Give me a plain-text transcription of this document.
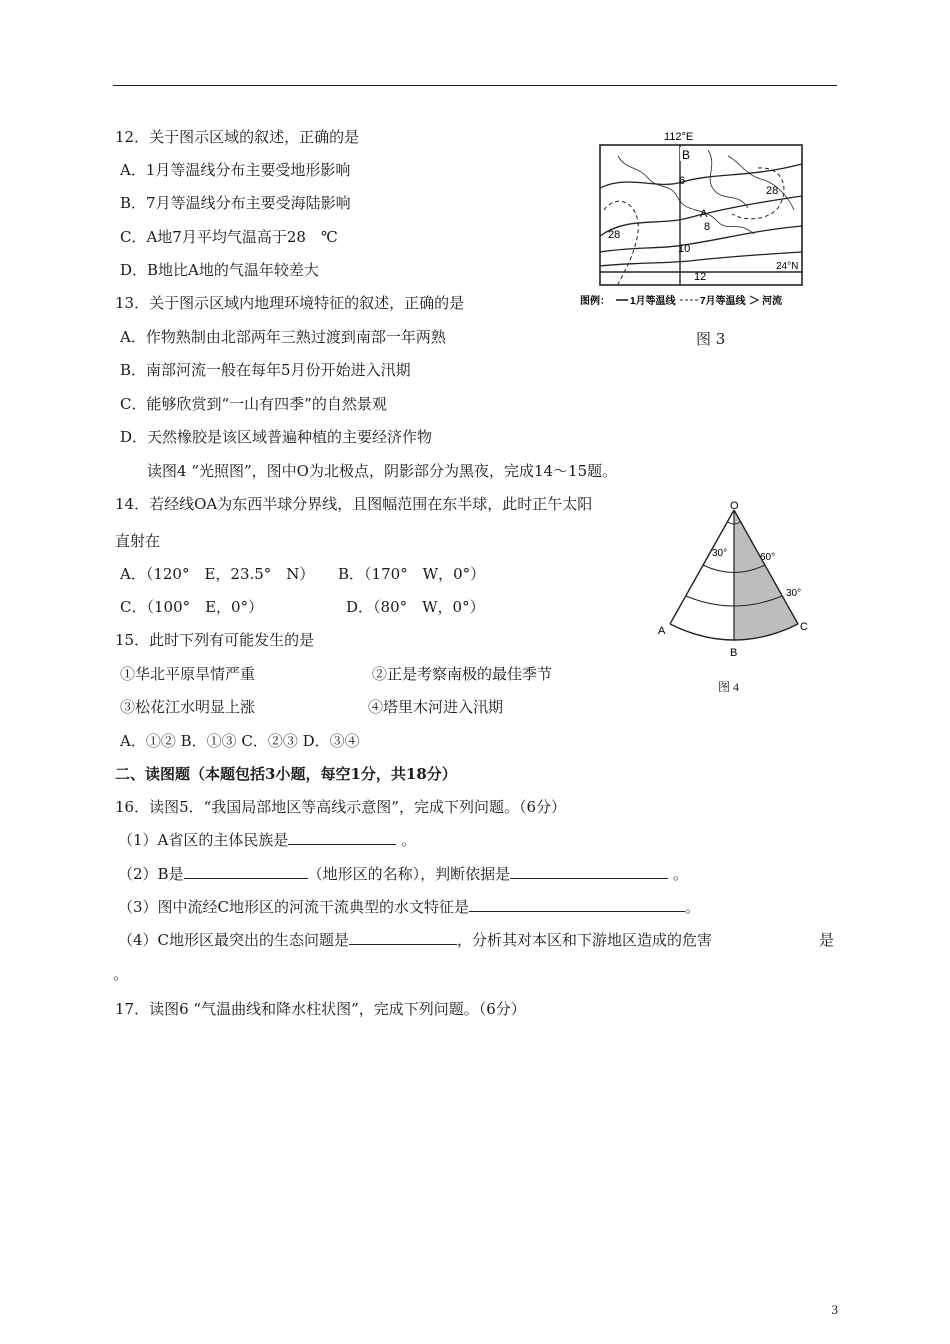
12．关于图示区域的叙述，正确的是
A．1月等温线分布主要受地形影响
B．7月等温线分布主要受海陆影响
C．A地7月平均气温高于28　℃
D．B地比A地的气温年较差大
13．关于图示区域内地理环境特征的叙述，正确的是
A．作物熟制由北部两年三熟过渡到南部一年两熟
B．南部河流一般在每年5月份开始进入汛期
C．能够欣赏到“一山有四季”的自然景观
D．天然橡胶是该区域普遍种植的主要经济作物
读图4 “光照图”，图中O为北极点，阴影部分为黑夜，完成14～15题。
14．若经线OA为东西半球分界线，且图幅范围在东半球，此时正午太阳
直射在
A．（120°　E，23.5°　N） B．（170°　W，0°）
C．（100°　E，0°）	D．（80°　W，0°）
15．此时下列有可能发生的是
①华北平原旱情严重	②正是考察南极的最佳季节
③松花江水明显上涨	④塔里木河进入汛期
A．①② B．①③ C．②③ D．③④
二、读图题（本题包括3小题，每空1分，共18分）
16．读图5．“我国局部地区等高线示意图”，完成下列问题。（6分）
（1）A省区的主体民族是	。
（2）B是	（地形区的名称），判断依据是	。
（3）图中流经C地形区的河流干流典型的水文特征是	。
（4）C地形区最突出的生态问题是	，分析其对本区和下游地区造成的危害	是
。
17．读图6 “气温曲线和降水柱状图”，完成下列问题。（6分）
112°E
B
6
A
8
10
12
28
28
24°N
图例： 1月等温线 7月等温线 河流
图 3
O
30°	60°
30°
A
B
C
图 4
3
